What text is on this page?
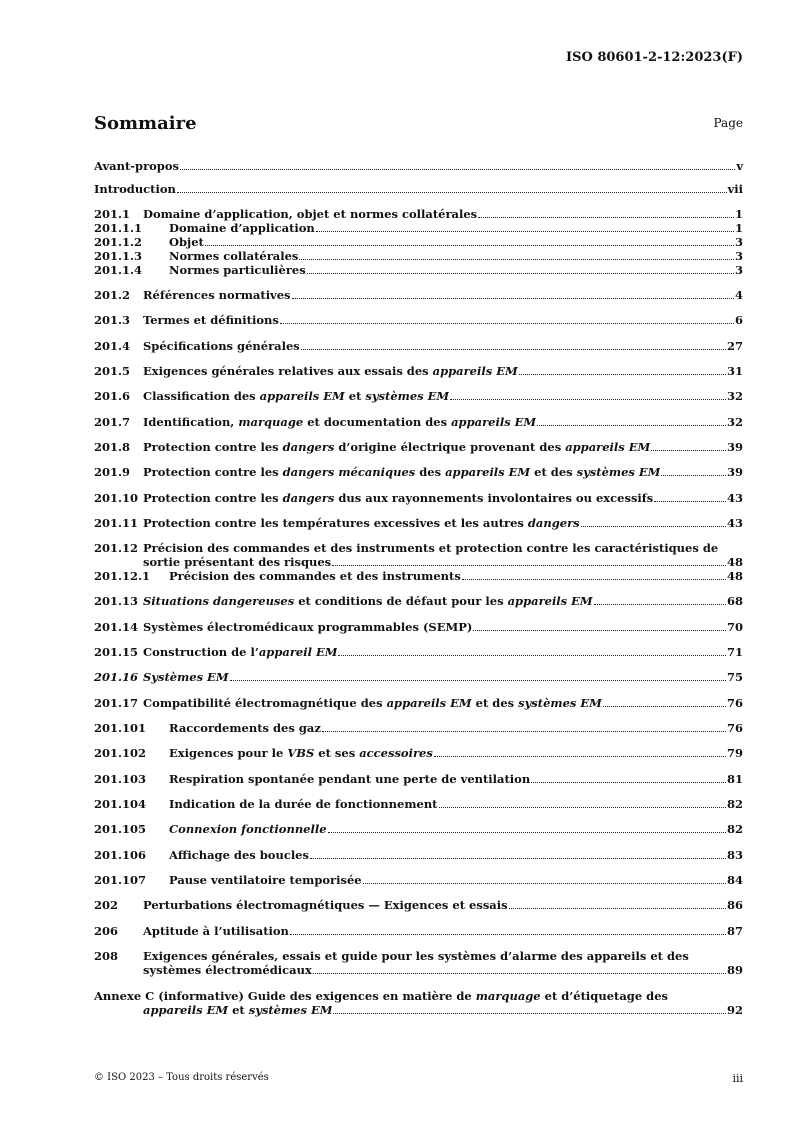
ISO 80601-2-12:2023(F)
Sommaire	Page
Avant-propos	v
Introduction	vii
201.1 Domaine d’application, objet et normes collatérales	1
201.1.1 Domaine d’application	1
201.1.2 Objet	3
201.1.3 Normes collatérales	3
201.1.4 Normes particulières	3
201.2 Références normatives	4
201.3 Termes et définitions	6
201.4 Spécifications générales	27
201.5 Exigences générales relatives aux essais des appareils EM	31
201.6 Classification des appareils EM et systèmes EM	32
201.7 Identification, marquage et documentation des appareils EM	32
201.8 Protection contre les dangers d’origine électrique provenant des appareils EM	39
201.9 Protection contre les dangers mécaniques des appareils EM et des systèmes EM	39
201.10 Protection contre les dangers dus aux rayonnements involontaires ou excessifs	43
201.11 Protection contre les températures excessives et les autres dangers	43
201.12 Précision des commandes et des instruments et protection contre les caractéristiques de
sortie présentant des risques	48
201.12.1 Précision des commandes et des instruments	48
201.13 Situations dangereuses et conditions de défaut pour les appareils EM	68
201.14 Systèmes électromédicaux programmables (SEMP)	70
201.15 Construction de l’appareil EM	71
201.16 Systèmes EM	75
201.17 Compatibilité électromagnétique des appareils EM et des systèmes EM	76
201.101 Raccordements des gaz	76
201.102 Exigences pour le VBS et ses accessoires	79
201.103 Respiration spontanée pendant une perte de ventilation	81
201.104 Indication de la durée de fonctionnement	82
201.105 Connexion fonctionnelle	82
201.106 Affichage des boucles	83
201.107 Pause ventilatoire temporisée	84
202 Perturbations électromagnétiques — Exigences et essais	86
206 Aptitude à l’utilisation	87
208 Exigences générales, essais et guide pour les systèmes d’alarme des appareils et des
systèmes électromédicaux	89
Annexe C (informative) Guide des exigences en matière de marquage et d’étiquetage des
appareils EM et systèmes EM	92
© ISO 2023 – Tous droits réservés	iii
